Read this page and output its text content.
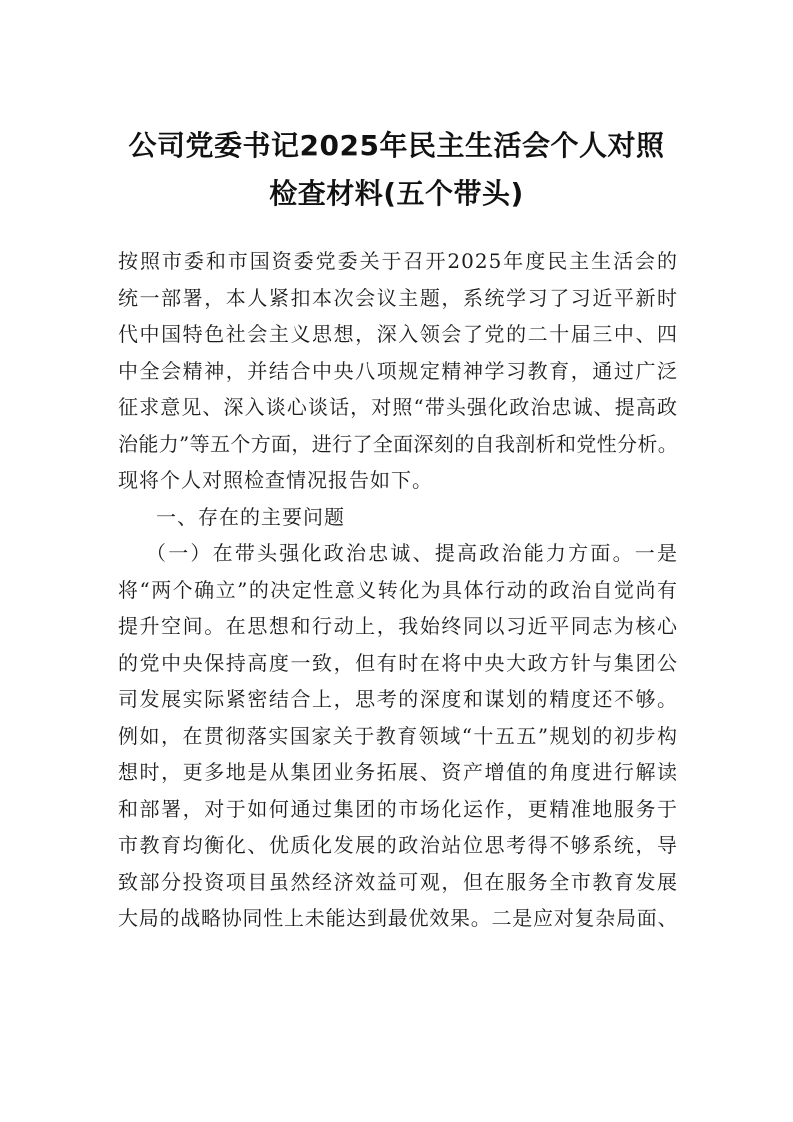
公司党委书记2025年民主生活会个人对照
检查材料(五个带头)
按照市委和市国资委党委关于召开2025年度民主生活会的
统一部署，本人紧扣本次会议主题，系统学习了习近平新时
代中国特色社会主义思想，深入领会了党的二十届三中、四
中全会精神，并结合中央八项规定精神学习教育，通过广泛
征求意见、深入谈心谈话，对照“带头强化政治忠诚、提高政
治能力”等五个方面，进行了全面深刻的自我剖析和党性分析。
现将个人对照检查情况报告如下。
一、存在的主要问题
（一）在带头强化政治忠诚、提高政治能力方面。一是
将“两个确立”的决定性意义转化为具体行动的政治自觉尚有
提升空间。在思想和行动上，我始终同以习近平同志为核心
的党中央保持高度一致，但有时在将中央大政方针与集团公
司发展实际紧密结合上，思考的深度和谋划的精度还不够。
例如，在贯彻落实国家关于教育领域“十五五”规划的初步构
想时，更多地是从集团业务拓展、资产增值的角度进行解读
和部署，对于如何通过集团的市场化运作，更精准地服务于
市教育均衡化、优质化发展的政治站位思考得不够系统，导
致部分投资项目虽然经济效益可观，但在服务全市教育发展
大局的战略协同性上未能达到最优效果。二是应对复杂局面、
